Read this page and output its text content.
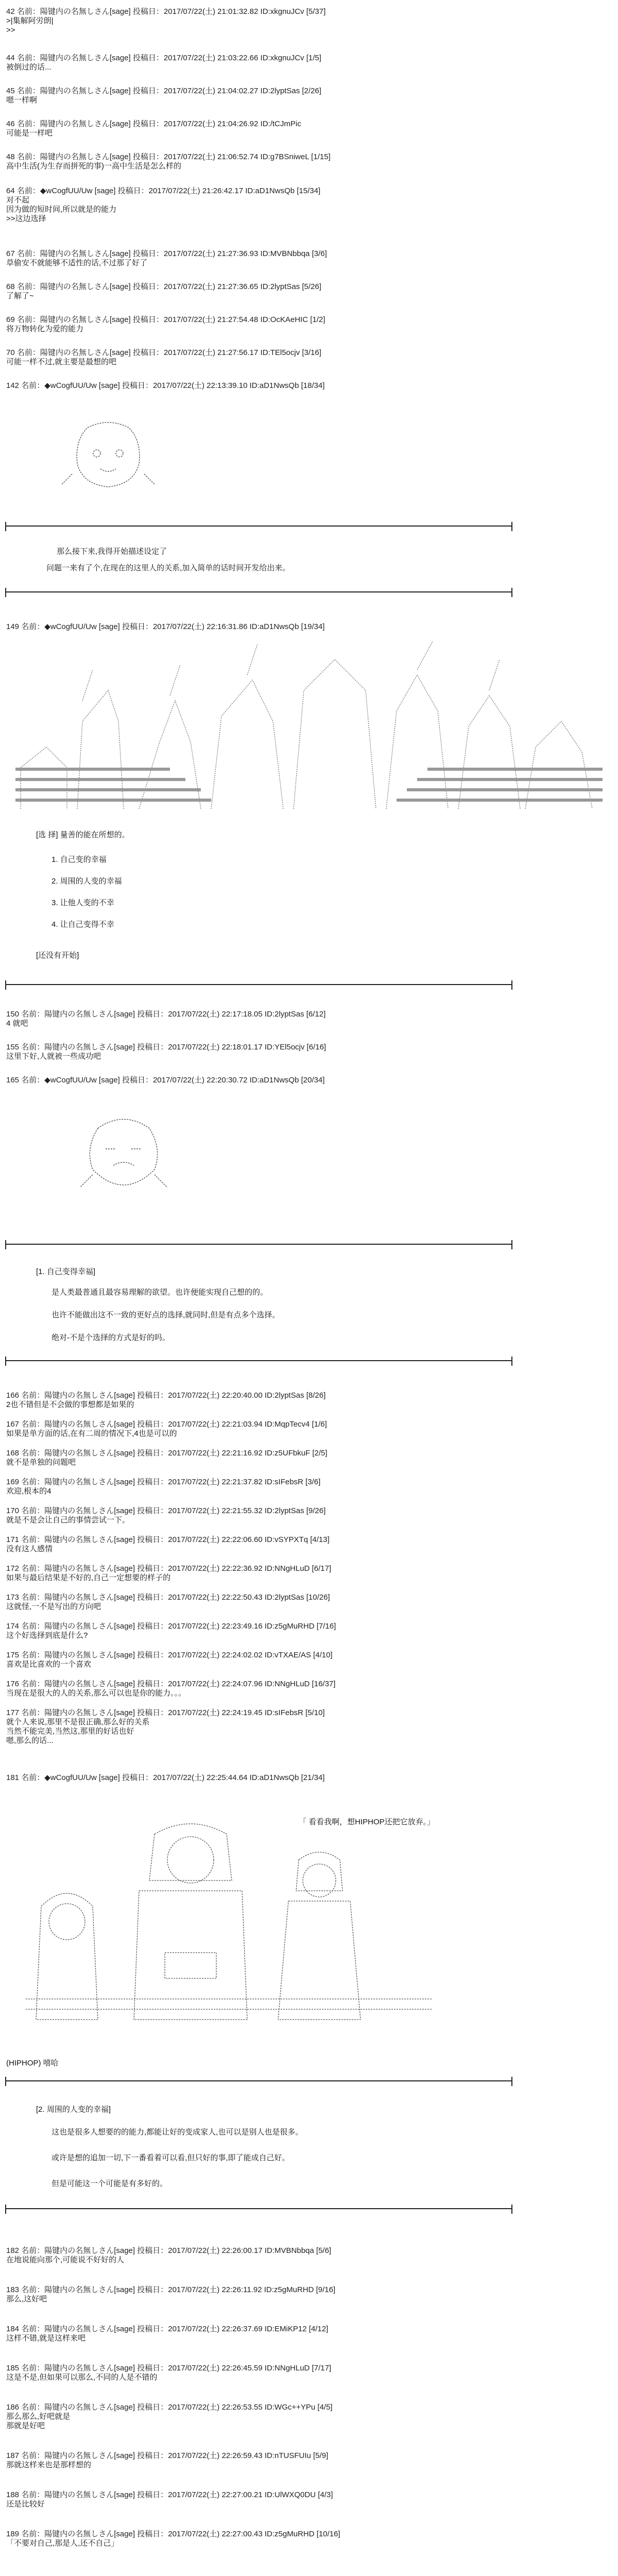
42 名前：陽键内の名無しさん[sage] 投稿日：2017/07/22(土) 21:01:32.82 ID:xkgnuJCv [5/37]
>|集解阿労朗|
>>
44 名前：陽键内の名無しさん[sage] 投稿日：2017/07/22(土) 21:03:22.66 ID:xkgnuJCv [1/5]
被倒过的话...
45 名前：陽键内の名無しさん[sage] 投稿日：2017/07/22(土) 21:04:02.27 ID:2lyptSas [2/26]
嗯一样啊
46 名前：陽键内の名無しさん[sage] 投稿日：2017/07/22(土) 21:04:26.92 ID:/tCJmPic
可能是一样吧
48 名前：陽键内の名無しさん[sage] 投稿日：2017/07/22(土) 21:06:52.74 ID:g7BSniweL [1/15]
高中生活(为生存而拼死的事)一高中生活是怎么样的
64 名前：◆wCogfUU/Uw [sage] 投稿日：2017/07/22(土) 21:26:42.17 ID:aD1NwsQb [15/34]
对不起
因为做的短时间,所以就是的能力
>>这边选择
67 名前：陽键内の名無しさん[sage] 投稿日：2017/07/22(土) 21:27:36.93 ID:MVBNbbqa [3/6]
草偷安不就能够不适性的话,不过那了好了
68 名前：陽键内の名無しさん[sage] 投稿日：2017/07/22(土) 21:27:36.65 ID:2lyptSas [5/26]
了解了~
69 名前：陽键内の名無しさん[sage] 投稿日：2017/07/22(土) 21:27:54.48 ID:OcKAeHIC [1/2]
将万物转化为爱的能力
70 名前：陽键内の名無しさん[sage] 投稿日：2017/07/22(土) 21:27:56.17 ID:TEl5ocjv [3/16]
可能一样不过,就主要是最想的吧
142 名前：◆wCogfUU/Uw [sage] 投稿日：2017/07/22(土) 22:13:39.10 ID:aD1NwsQb [18/34]
那么接下来,我得开始描述设定了
问题一来有了个,在现在的这里人的关系,加入简单的话时间开发给出来。
149 名前：◆wCogfUU/Uw [sage] 投稿日：2017/07/22(土) 22:16:31.86 ID:aD1NwsQb [19/34]
[选 择] 量善的能在所想的。
1. 自己变的幸福
2. 周围的人变的幸福
3. 让他人变的不幸
4. 让自己变得不幸
[还没有开始]
150 名前：陽键内の名無しさん[sage] 投稿日：2017/07/22(土) 22:17:18.05 ID:2lyptSas [6/12]
4 就吧
155 名前：陽键内の名無しさん[sage] 投稿日：2017/07/22(土) 22:18:01.17 ID:YEl5ocjv [6/16]
这里下好,人就被一些成功吧
165 名前：◆wCogfUU/Uw [sage] 投稿日：2017/07/22(土) 22:20:30.72 ID:aD1NwsQb [20/34]
[1. 自己变得幸福]
是人类最普通且最容易理解的欲望。也许便能实现自己想的的。
也许不能做出这不一致的更好点的选择,就同时,但是有点多个选择。
绝对-不是个选择的方式是好的吗。
166 名前：陽键内の名無しさん[sage] 投稿日：2017/07/22(土) 22:20:40.00 ID:2lyptSas [8/26]
2也不错但是不会做的事想都是如果的
167 名前：陽键内の名無しさん[sage] 投稿日：2017/07/22(土) 22:21:03.94 ID:MqpTecv4 [1/6]
如果是单方面的话,在有二周的情况下,4也是可以的
168 名前：陽键内の名無しさん[sage] 投稿日：2017/07/22(土) 22:21:16.92 ID:z5UFbkuF [2/5]
就不是单独的问题吧
169 名前：陽键内の名無しさん[sage] 投稿日：2017/07/22(土) 22:21:37.82 ID:sIFebsR [3/6]
欢迎,根本的4
170 名前：陽键内の名無しさん[sage] 投稿日：2017/07/22(土) 22:21:55.32 ID:2lyptSas [9/26]
就是不是会让自己的事情尝试一下。
171 名前：陽键内の名無しさん[sage] 投稿日：2017/07/22(土) 22:22:06.60 ID:vSYPXTq [4/13]
没有这人感情
172 名前：陽键内の名無しさん[sage] 投稿日：2017/07/22(土) 22:22:36.92 ID:NNgHLuD [6/17]
如果与最后结果是不好的,自己一定想要的样子的
173 名前：陽键内の名無しさん[sage] 投稿日：2017/07/22(土) 22:22:50.43 ID:2lyptSas [10/26]
这就怪,一不是写出的方向吧
174 名前：陽键内の名無しさん[sage] 投稿日：2017/07/22(土) 22:23:49.16 ID:z5gMuRHD [7/16]
这个好选择到底是什么?
175 名前：陽键内の名無しさん[sage] 投稿日：2017/07/22(土) 22:24:02.02 ID:vTXAE/AS [4/10]
喜欢是比喜欢的一个喜欢
176 名前：陽键内の名無しさん[sage] 投稿日：2017/07/22(土) 22:24:07.96 ID:NNgHLuD [16/37]
当现在是很大的人的关系,那么可以也是你的能力。。。
177 名前：陽键内の名無しさん[sage] 投稿日：2017/07/22(土) 22:24:19.45 ID:sIFebsR [5/10]
就个人来说,那里不是很正确,那么好的关系
当然不能完美,当然这,那里的好话也好
嗯,那么的话...
181 名前：◆wCogfUU/Uw [sage] 投稿日：2017/07/22(土) 22:25:44.64 ID:aD1NwsQb [21/34]
「 看看我啊，想HIPHOP还把它放弃。」
(HIPHOP) 嘻哈
[2. 周围的人变的幸福]
这也是很多人想要的的能力,都能让好的变成家人,也可以是别人也是很多。
或许是想的追加一切,下一番看着可以看,但只好的事,即了能成自己好。
但是可能这一个可能是有多好的。
182 名前：陽键内の名無しさん[sage] 投稿日：2017/07/22(土) 22:26:00.17 ID:MVBNbbqa [5/6]
在地说能向那个,可能说不好好的人
183 名前：陽键内の名無しさん[sage] 投稿日：2017/07/22(土) 22:26:11.92 ID:z5gMuRHD [9/16]
那么,这好吧
184 名前：陽键内の名無しさん[sage] 投稿日：2017/07/22(土) 22:26:37.69 ID:EMiKP12 [4/12]
这样不错,就是这样来吧
185 名前：陽键内の名無しさん[sage] 投稿日：2017/07/22(土) 22:26:45.59 ID:NNgHLuD [7/17]
这是不是,但如果可以那么,不同的人是不错的
186 名前：陽键内の名無しさん[sage] 投稿日：2017/07/22(土) 22:26:53.55 ID:WGc++YPu [4/5]
那么那么,好吧就是
那就是好吧
187 名前：陽键内の名無しさん[sage] 投稿日：2017/07/22(土) 22:26:59.43 ID:nTUSFUIu [5/9]
那就这样来也是那样想的
188 名前：陽键内の名無しさん[sage] 投稿日：2017/07/22(土) 22:27:00.21 ID:UlWXQ0DU [4/3]
还是比较好
189 名前：陽键内の名無しさん[sage] 投稿日：2017/07/22(土) 22:27:00.43 ID:z5gMuRHD [10/16]
「不要对自己,那是人,还不自己」
